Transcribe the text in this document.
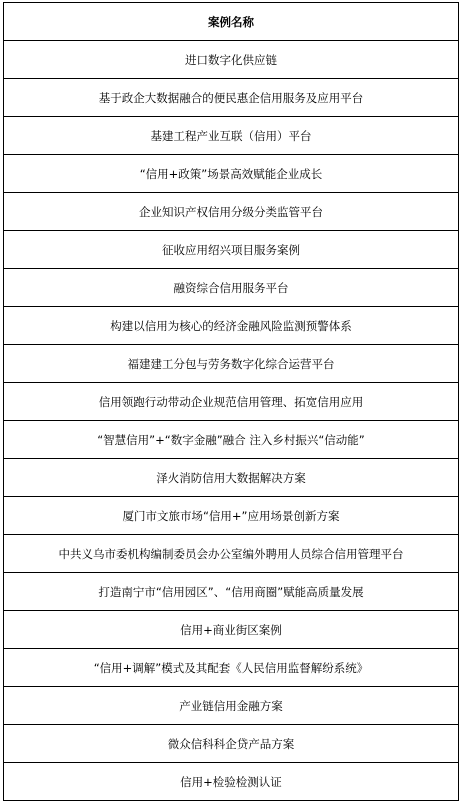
案例名称
进口数字化供应链
基于政企大数据融合的便民惠企信用服务及应用平台
基建工程产业互联（信用）平台
“信用+政策”场景高效赋能企业成长
企业知识产权信用分级分类监管平台
征收应用绍兴项目服务案例
融资综合信用服务平台
构建以信用为核心的经济金融风险监测预警体系
福建建工分包与劳务数字化综合运营平台
信用领跑行动带动企业规范信用管理、拓宽信用应用
“智慧信用”+“数字金融”融合 注入乡村振兴“信动能”
泽火消防信用大数据解决方案
厦门市文旅市场“信用+”应用场景创新方案
中共义乌市委机构编制委员会办公室编外聘用人员综合信用管理平台
打造南宁市“信用园区”、“信用商圈”赋能高质量发展
信用+商业街区案例
“信用+调解”模式及其配套《人民信用监督解纷系统》
产业链信用金融方案
微众信科科企贷产品方案
信用+检验检测认证
